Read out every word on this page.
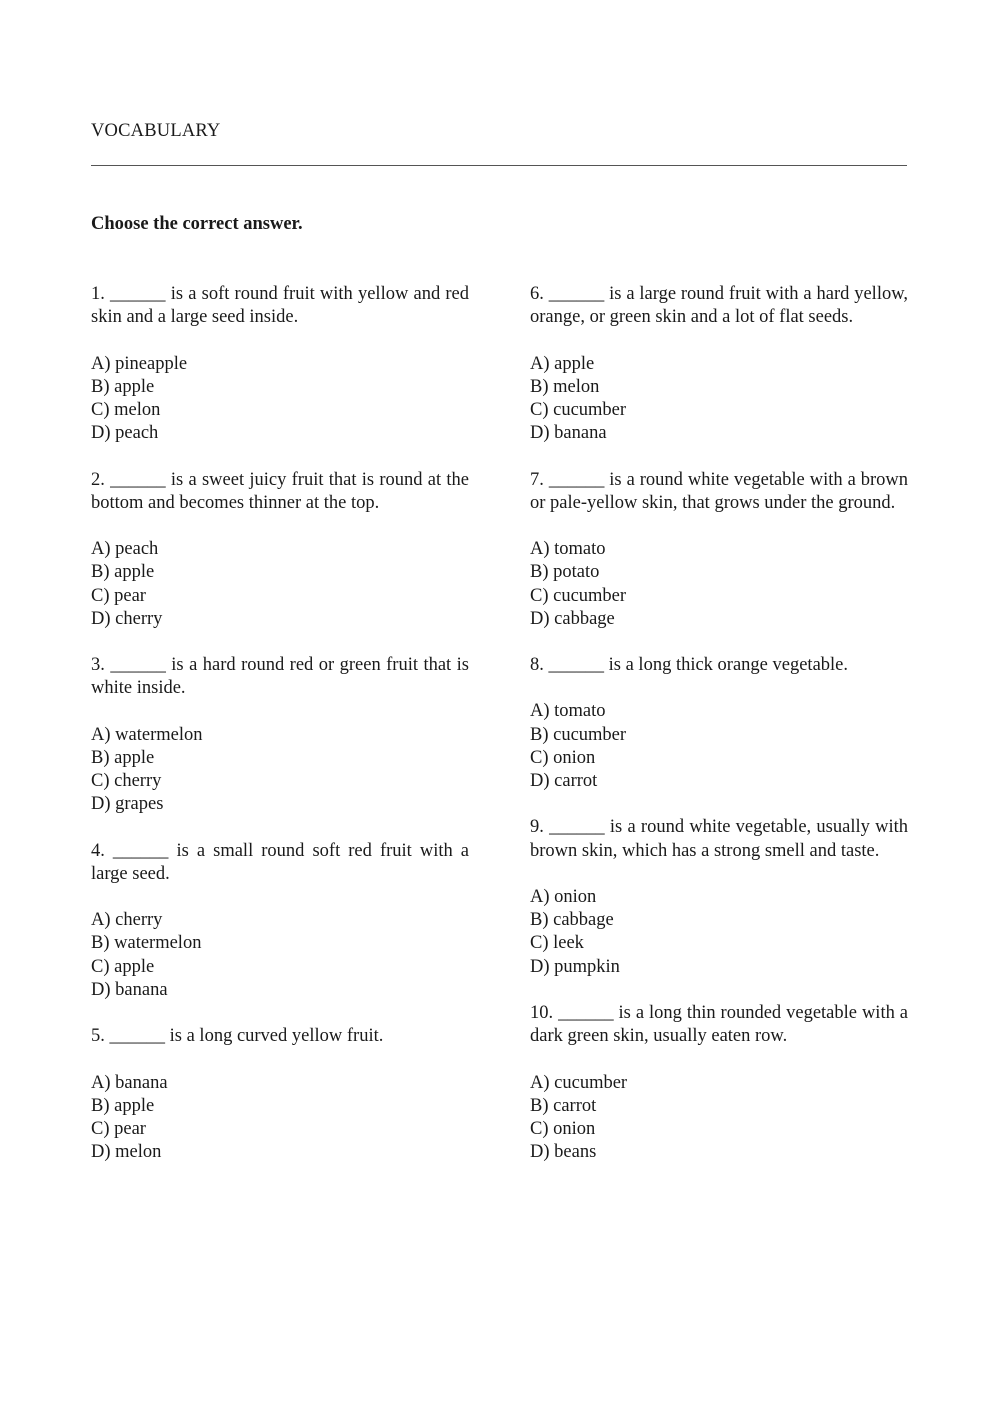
VOCABULARY
Choose the correct answer.
1. ______ is a soft round fruit with yellow and red skin and a large seed inside.
A) pineapple
B) apple
C) melon
D) peach
2. ______ is a sweet juicy fruit that is round at the bottom and becomes thinner at the top.
A) peach
B) apple
C) pear
D) cherry
3. ______ is a hard round red or green fruit that is white inside.
A) watermelon
B) apple
C) cherry
D) grapes
4. ______ is a small round soft red fruit with a large seed.
A) cherry
B) watermelon
C) apple
D) banana
5. ______ is a long curved yellow fruit.
A) banana
B) apple
C) pear
D) melon
6. ______ is a large round fruit with a hard yellow, orange, or green skin and a lot of flat seeds.
A) apple
B) melon
C) cucumber
D) banana
7. ______ is a round white vegetable with a brown or pale-yellow skin, that grows under the ground.
A) tomato
B) potato
C) cucumber
D) cabbage
8. ______ is a long thick orange vegetable.
A) tomato
B) cucumber
C) onion
D) carrot
9. ______ is a round white vegetable, usually with brown skin, which has a strong smell and taste.
A) onion
B) cabbage
C) leek
D) pumpkin
10. ______ is a long thin rounded vegetable with a dark green skin, usually eaten row.
A) cucumber
B) carrot
C) onion
D) beans
